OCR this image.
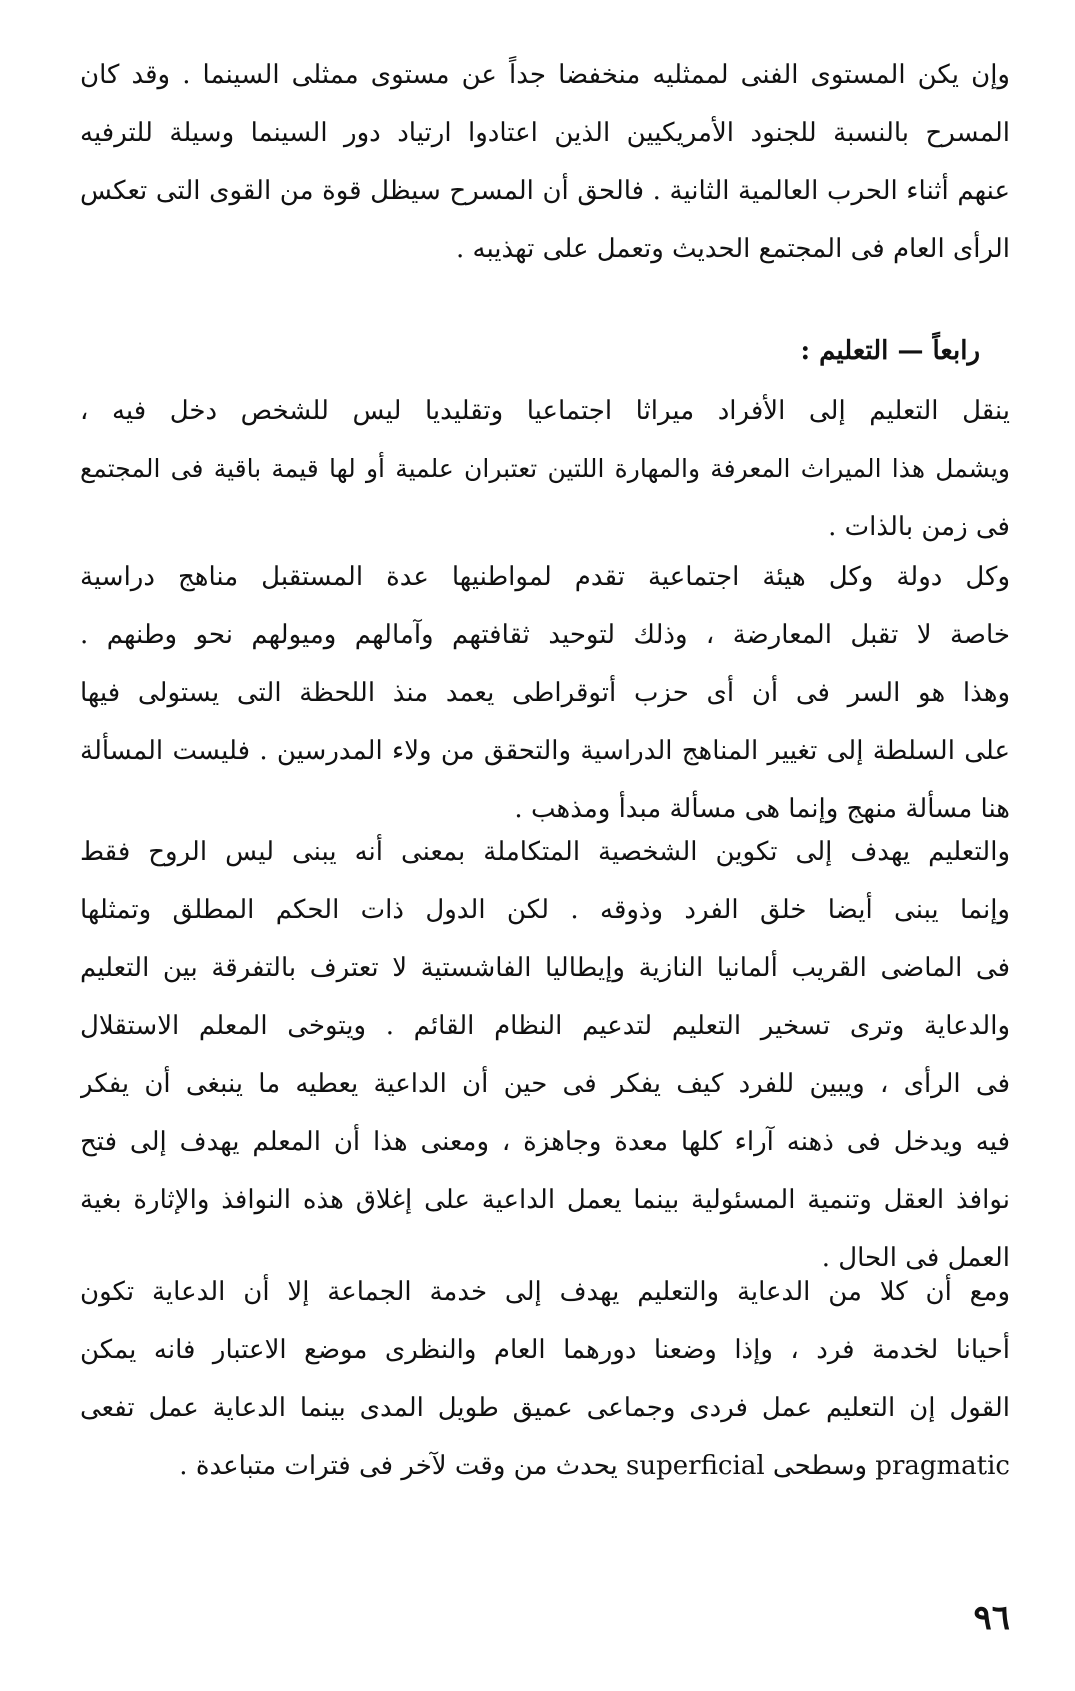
وإن يكن المستوى الفنى لممثليه منخفضا جداً عن مستوى ممثلى السينما . وقد كان
المسرح بالنسبة للجنود الأمريكيين الذين اعتادوا ارتياد دور السينما وسيلة للترفيه
عنهم أثناء الحرب العالمية الثانية . فالحق أن المسرح سيظل قوة من القوى التى تعكس
الرأى العام فى المجتمع الحديث وتعمل على تهذيبه .
رابعاً — التعليم :
ينقل التعليم إلى الأفراد ميراثا اجتماعيا وتقليديا ليس للشخص دخل فيه ،
ويشمل هذا الميراث المعرفة والمهارة اللتين تعتبران علمية أو لها قيمة باقية فى المجتمع
فى زمن بالذات .
وكل دولة وكل هيئة اجتماعية تقدم لمواطنيها عدة المستقبل مناهج دراسية
خاصة لا تقبل المعارضة ، وذلك لتوحيد ثقافتهم وآمالهم وميولهم نحو وطنهم .
وهذا هو السر فى أن أى حزب أتوقراطى يعمد منذ اللحظة التى يستولى فيها
على السلطة إلى تغيير المناهج الدراسية والتحقق من ولاء المدرسين . فليست المسألة
هنا مسألة منهج وإنما هى مسألة مبدأ ومذهب .
والتعليم يهدف إلى تكوين الشخصية المتكاملة بمعنى أنه يبنى ليس الروح فقط
وإنما يبنى أيضا خلق الفرد وذوقه . لكن الدول ذات الحكم المطلق وتمثلها
فى الماضى القريب ألمانيا النازية وإيطاليا الفاشستية لا تعترف بالتفرقة بين التعليم
والدعاية وترى تسخير التعليم لتدعيم النظام القائم . ويتوخى المعلم الاستقلال
فى الرأى ، ويبين للفرد كيف يفكر فى حين أن الداعية يعطيه ما ينبغى أن يفكر
فيه ويدخل فى ذهنه آراء كلها معدة وجاهزة ، ومعنى هذا أن المعلم يهدف إلى فتح
نوافذ العقل وتنمية المسئولية بينما يعمل الداعية على إغلاق هذه النوافذ والإثارة بغية
العمل فى الحال .
ومع أن كلا من الدعاية والتعليم يهدف إلى خدمة الجماعة إلا أن الدعاية تكون
أحيانا لخدمة فرد ، وإذا وضعنا دورهما العام والنظرى موضع الاعتبار فانه يمكن
القول إن التعليم عمل فردى وجماعى عميق طويل المدى بينما الدعاية عمل تفعى
pragmatic وسطحى superficial يحدث من وقت لآخر فى فترات متباعدة .
٩٦
